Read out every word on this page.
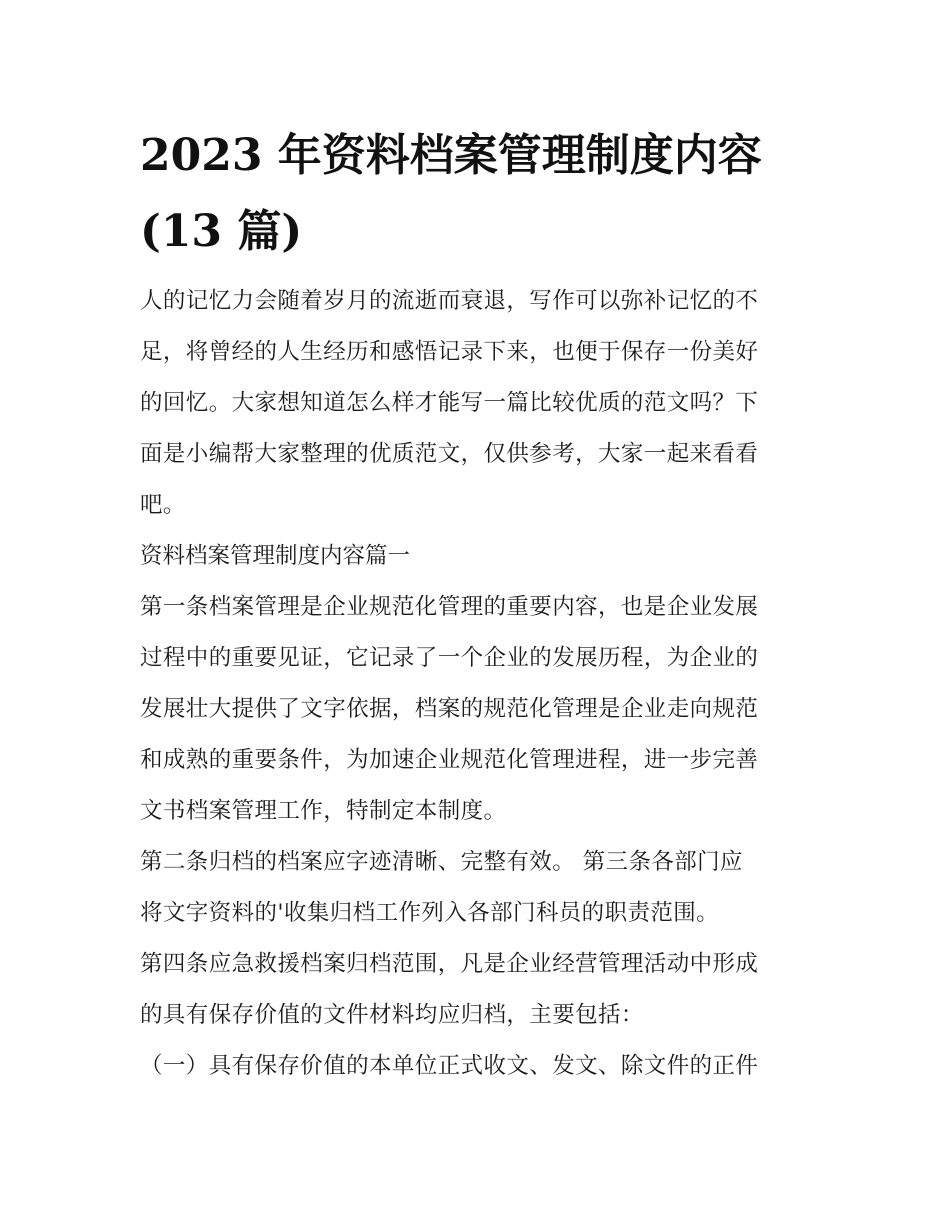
2023 年资料档案管理制度内容
(13 篇)
人的记忆力会随着岁月的流逝而衰退，写作可以弥补记忆的不
足，将曾经的人生经历和感悟记录下来，也便于保存一份美好
的回忆。大家想知道怎么样才能写一篇比较优质的范文吗？下
面是小编帮大家整理的优质范文，仅供参考，大家一起来看看
吧。
资料档案管理制度内容篇一
第一条档案管理是企业规范化管理的重要内容，也是企业发展
过程中的重要见证，它记录了一个企业的发展历程，为企业的
发展壮大提供了文字依据，档案的规范化管理是企业走向规范
和成熟的重要条件，为加速企业规范化管理进程，进一步完善
文书档案管理工作，特制定本制度。
第二条归档的档案应字迹清晰、完整有效。 第三条各部门应
将文字资料的'收集归档工作列入各部门科员的职责范围。
第四条应急救援档案归档范围，凡是企业经营管理活动中形成
的具有保存价值的文件材料均应归档，主要包括：
（一）具有保存价值的本单位正式收文、发文、除文件的正件
